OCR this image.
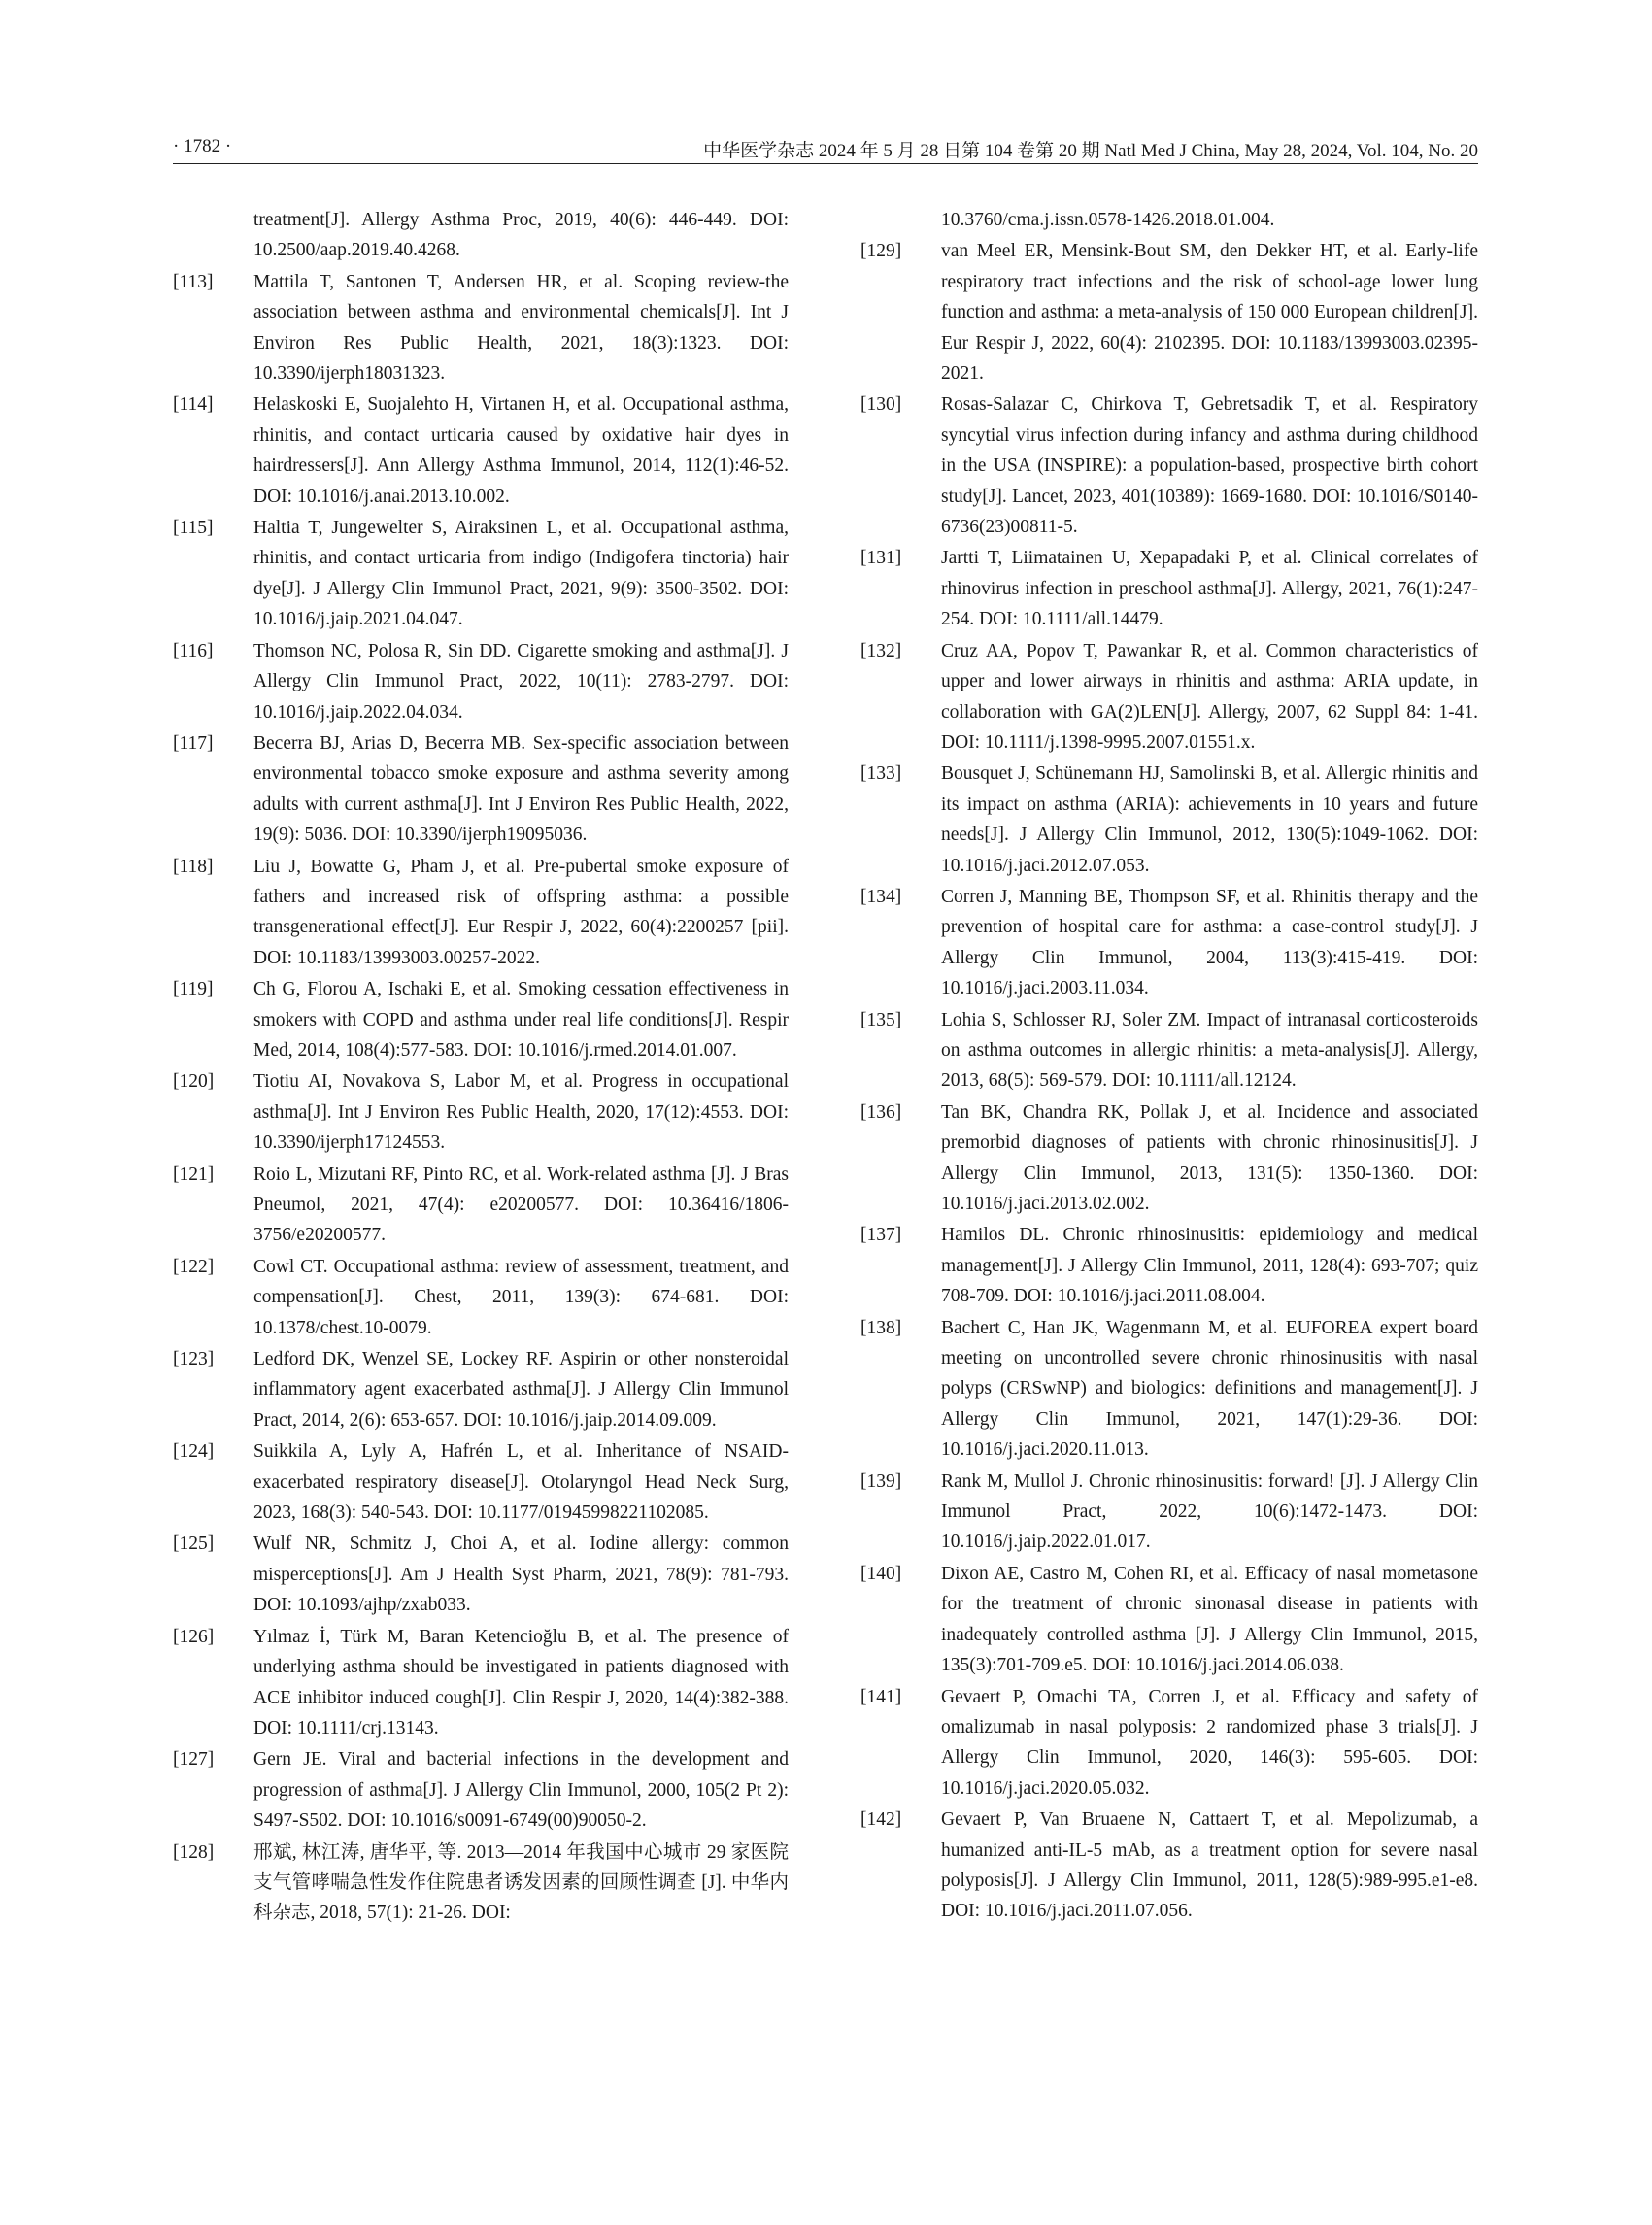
· 1782 ·	中华医学杂志 2024 年 5 月 28 日第 104 卷第 20 期 Natl Med J China, May 28, 2024, Vol. 104, No. 20
treatment[J]. Allergy Asthma Proc, 2019, 40(6): 446-449. DOI: 10.2500/aap.2019.40.4268.
[113] Mattila T, Santonen T, Andersen HR, et al. Scoping review-the association between asthma and environmental chemicals[J]. Int J Environ Res Public Health, 2021, 18(3):1323. DOI: 10.3390/ijerph18031323.
[114] Helaskoski E, Suojalehto H, Virtanen H, et al. Occupational asthma, rhinitis, and contact urticaria caused by oxidative hair dyes in hairdressers[J]. Ann Allergy Asthma Immunol, 2014, 112(1):46-52. DOI: 10.1016/j.anai.2013.10.002.
[115] Haltia T, Jungewelter S, Airaksinen L, et al. Occupational asthma, rhinitis, and contact urticaria from indigo (Indigofera tinctoria) hair dye[J]. J Allergy Clin Immunol Pract, 2021, 9(9): 3500-3502. DOI: 10.1016/j.jaip.2021.04.047.
[116] Thomson NC, Polosa R, Sin DD. Cigarette smoking and asthma[J]. J Allergy Clin Immunol Pract, 2022, 10(11): 2783-2797. DOI: 10.1016/j.jaip.2022.04.034.
[117] Becerra BJ, Arias D, Becerra MB. Sex-specific association between environmental tobacco smoke exposure and asthma severity among adults with current asthma[J]. Int J Environ Res Public Health, 2022, 19(9): 5036. DOI: 10.3390/ijerph19095036.
[118] Liu J, Bowatte G, Pham J, et al. Pre-pubertal smoke exposure of fathers and increased risk of offspring asthma: a possible transgenerational effect[J]. Eur Respir J, 2022, 60(4):2200257 [pii]. DOI: 10.1183/13993003.00257-2022.
[119] Ch G, Florou A, Ischaki E, et al. Smoking cessation effectiveness in smokers with COPD and asthma under real life conditions[J]. Respir Med, 2014, 108(4):577-583. DOI: 10.1016/j.rmed.2014.01.007.
[120] Tiotiu AI, Novakova S, Labor M, et al. Progress in occupational asthma[J]. Int J Environ Res Public Health, 2020, 17(12):4553. DOI: 10.3390/ijerph17124553.
[121] Roio L, Mizutani RF, Pinto RC, et al. Work-related asthma [J]. J Bras Pneumol, 2021, 47(4): e20200577. DOI: 10.36416/1806-3756/e20200577.
[122] Cowl CT. Occupational asthma: review of assessment, treatment, and compensation[J]. Chest, 2011, 139(3): 674-681. DOI: 10.1378/chest.10-0079.
[123] Ledford DK, Wenzel SE, Lockey RF. Aspirin or other nonsteroidal inflammatory agent exacerbated asthma[J]. J Allergy Clin Immunol Pract, 2014, 2(6): 653-657. DOI: 10.1016/j.jaip.2014.09.009.
[124] Suikkila A, Lyly A, Hafrén L, et al. Inheritance of NSAID-exacerbated respiratory disease[J]. Otolaryngol Head Neck Surg, 2023, 168(3): 540-543. DOI: 10.1177/01945998221102085.
[125] Wulf NR, Schmitz J, Choi A, et al. Iodine allergy: common misperceptions[J]. Am J Health Syst Pharm, 2021, 78(9): 781-793. DOI: 10.1093/ajhp/zxab033.
[126] Yılmaz İ, Türk M, Baran Ketencioğlu B, et al. The presence of underlying asthma should be investigated in patients diagnosed with ACE inhibitor induced cough[J]. Clin Respir J, 2020, 14(4):382-388. DOI: 10.1111/crj.13143.
[127] Gern JE. Viral and bacterial infections in the development and progression of asthma[J]. J Allergy Clin Immunol, 2000, 105(2 Pt 2): S497-S502. DOI: 10.1016/s0091-6749(00)90050-2.
[128] 邢斌, 林江涛, 唐华平, 等. 2013—2014 年我国中心城市 29 家医院支气管哮喘急性发作住院患者诱发因素的回顾性调查 [J]. 中华内科杂志, 2018, 57(1): 21-26. DOI:
10.3760/cma.j.issn.0578-1426.2018.01.004.
[129] van Meel ER, Mensink-Bout SM, den Dekker HT, et al. Early-life respiratory tract infections and the risk of school-age lower lung function and asthma: a meta-analysis of 150 000 European children[J]. Eur Respir J, 2022, 60(4): 2102395. DOI: 10.1183/13993003.02395-2021.
[130] Rosas-Salazar C, Chirkova T, Gebretsadik T, et al. Respiratory syncytial virus infection during infancy and asthma during childhood in the USA (INSPIRE): a population-based, prospective birth cohort study[J]. Lancet, 2023, 401(10389): 1669-1680. DOI: 10.1016/S0140-6736(23)00811-5.
[131] Jartti T, Liimatainen U, Xepapadaki P, et al. Clinical correlates of rhinovirus infection in preschool asthma[J]. Allergy, 2021, 76(1):247-254. DOI: 10.1111/all.14479.
[132] Cruz AA, Popov T, Pawankar R, et al. Common characteristics of upper and lower airways in rhinitis and asthma: ARIA update, in collaboration with GA(2)LEN[J]. Allergy, 2007, 62 Suppl 84: 1-41. DOI: 10.1111/j.1398-9995.2007.01551.x.
[133] Bousquet J, Schünemann HJ, Samolinski B, et al. Allergic rhinitis and its impact on asthma (ARIA): achievements in 10 years and future needs[J]. J Allergy Clin Immunol, 2012, 130(5):1049-1062. DOI: 10.1016/j.jaci.2012.07.053.
[134] Corren J, Manning BE, Thompson SF, et al. Rhinitis therapy and the prevention of hospital care for asthma: a case-control study[J]. J Allergy Clin Immunol, 2004, 113(3):415-419. DOI: 10.1016/j.jaci.2003.11.034.
[135] Lohia S, Schlosser RJ, Soler ZM. Impact of intranasal corticosteroids on asthma outcomes in allergic rhinitis: a meta-analysis[J]. Allergy, 2013, 68(5): 569-579. DOI: 10.1111/all.12124.
[136] Tan BK, Chandra RK, Pollak J, et al. Incidence and associated premorbid diagnoses of patients with chronic rhinosinusitis[J]. J Allergy Clin Immunol, 2013, 131(5): 1350-1360. DOI: 10.1016/j.jaci.2013.02.002.
[137] Hamilos DL. Chronic rhinosinusitis: epidemiology and medical management[J]. J Allergy Clin Immunol, 2011, 128(4): 693-707; quiz 708-709. DOI: 10.1016/j.jaci.2011.08.004.
[138] Bachert C, Han JK, Wagenmann M, et al. EUFOREA expert board meeting on uncontrolled severe chronic rhinosinusitis with nasal polyps (CRSwNP) and biologics: definitions and management[J]. J Allergy Clin Immunol, 2021, 147(1):29-36. DOI: 10.1016/j.jaci.2020.11.013.
[139] Rank M, Mullol J. Chronic rhinosinusitis: forward! [J]. J Allergy Clin Immunol Pract, 2022, 10(6):1472-1473. DOI: 10.1016/j.jaip.2022.01.017.
[140] Dixon AE, Castro M, Cohen RI, et al. Efficacy of nasal mometasone for the treatment of chronic sinonasal disease in patients with inadequately controlled asthma [J]. J Allergy Clin Immunol, 2015, 135(3):701-709.e5. DOI: 10.1016/j.jaci.2014.06.038.
[141] Gevaert P, Omachi TA, Corren J, et al. Efficacy and safety of omalizumab in nasal polyposis: 2 randomized phase 3 trials[J]. J Allergy Clin Immunol, 2020, 146(3): 595-605. DOI: 10.1016/j.jaci.2020.05.032.
[142] Gevaert P, Van Bruaene N, Cattaert T, et al. Mepolizumab, a humanized anti-IL-5 mAb, as a treatment option for severe nasal polyposis[J]. J Allergy Clin Immunol, 2011, 128(5):989-995.e1-e8. DOI: 10.1016/j.jaci.2011.07.056.
